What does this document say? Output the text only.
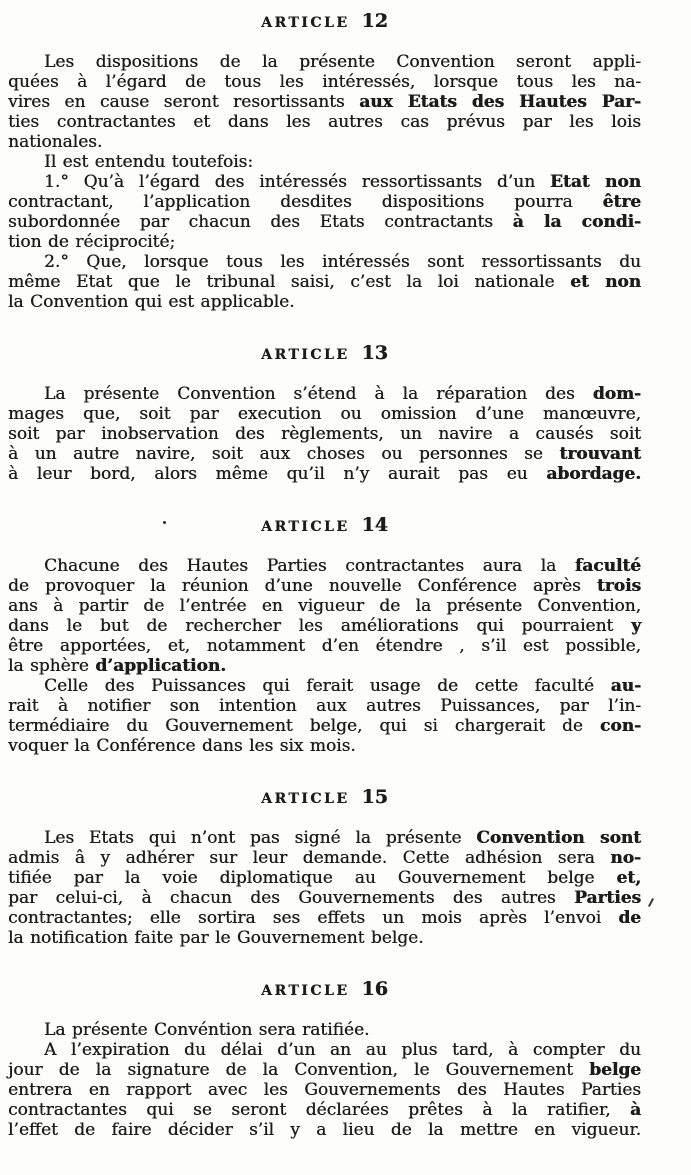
ARTICLE 12
Les dispositions de la présente Convention seront appli-
quées à l’égard de tous les intéressés, lorsque tous les na-
vires en cause seront resortissants aux Etats des Hautes Par-
ties contractantes et dans les autres cas prévus par les lois
nationales.
Il est entendu toutefois:
1.° Qu’à l’égard des intéressés ressortissants d’un Etat non
contractant, l’application desdites dispositions pourra être
subordonnée par chacun des Etats contractants à la condi-
tion de réciprocité;
2.° Que, lorsque tous les intéressés sont ressortissants du
même Etat que le tribunal saisi, c’est la loi nationale et non
la Convention qui est applicable.
ARTICLE 13
La présente Convention s’étend à la réparation des dom-
mages que, soit par execution ou omission d’une manœuvre,
soit par inobservation des règlements, un navire a causés soit
à un autre navire, soit aux choses ou personnes se trouvant
à leur bord, alors même qu’il n’y aurait pas eu abordage.
ARTICLE 14
Chacune des Hautes Parties contractantes aura la faculté
de provoquer la réunion d’une nouvelle Conférence après trois
ans à partir de l’entrée en vigueur de la présente Convention,
dans le but de rechercher les améliorations qui pourraient y
être apportées, et, notamment d’en étendre , s’il est possible,
la sphère d’application.
Celle des Puissances qui ferait usage de cette faculté au-
rait à notifier son intention aux autres Puissances, par l’in-
termédiaire du Gouvernement belge, qui si chargerait de con-
voquer la Conférence dans les six mois.
ARTICLE 15
Les Etats qui n’ont pas signé la présente Convention sont
admis â y adhérer sur leur demande. Cette adhésion sera no-
tifiée par la voie diplomatique au Gouvernement belge et,
par celui-ci, à chacun des Gouvernements des autres Parties
contractantes; elle sortira ses effets un mois après l’envoi de
la notification faite par le Gouvernement belge.
ARTICLE 16
La présente Convéntion sera ratifiée.
A l’expiration du délai d’un an au plus tard, à compter du
jour de la signature de la Convention, le Gouvernement belge
entrera en rapport avec les Gouvernements des Hautes Parties
contractantes qui se seront déclarées prêtes à la ratifier, à
l’effet de faire décider s’il y a lieu de la mettre en vigueur.
